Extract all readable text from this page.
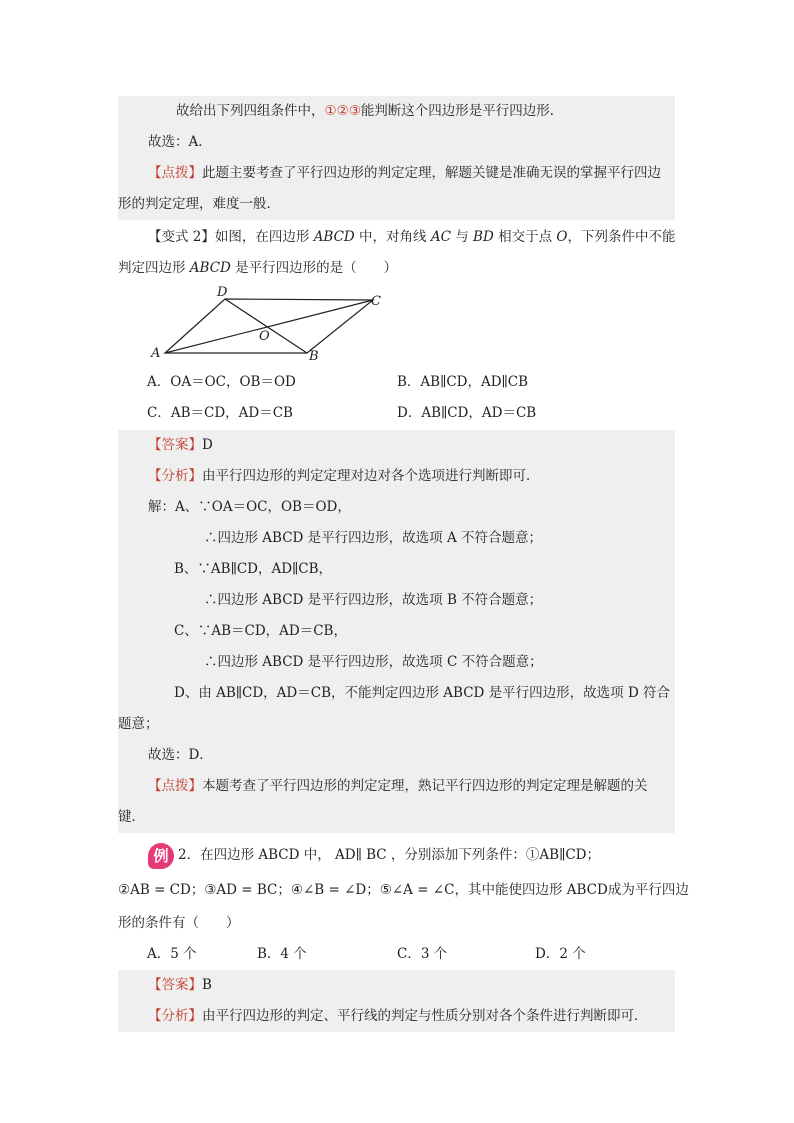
故给出下列四组条件中，①②③能判断这个四边形是平行四边形．
故选：A．
【点拨】此题主要考查了平行四边形的判定定理，解题关键是准确无误的掌握平行四边
形的判定定理，难度一般．
【变式 2】如图，在四边形 ABCD 中，对角线 AC 与 BD 相交于点 O，下列条件中不能
判定四边形 ABCD 是平行四边形的是（　　）
D
C
A	B
O
A．OA＝OC，OB＝OD	B．AB∥CD，AD∥CB
C．AB＝CD，AD＝CB	D．AB∥CD，AD＝CB
【答案】D
【分析】由平行四边形的判定定理对边对各个选项进行判断即可．
解：A、∵OA＝OC，OB＝OD，
∴四边形 ABCD 是平行四边形，故选项 A 不符合题意；
B、∵AB∥CD，AD∥CB，
∴四边形 ABCD 是平行四边形，故选项 B 不符合题意；
C、∵AB＝CD，AD＝CB，
∴四边形 ABCD 是平行四边形，故选项 C 不符合题意；
D、由 AB∥CD，AD＝CB，不能判定四边形 ABCD 是平行四边形，故选项 D 符合
题意；
故选：D．
【点拨】本题考查了平行四边形的判定定理，熟记平行四边形的判定定理是解题的关
键．
例 2．在四边形 ABCD 中， AD∥ BC ，分别添加下列条件：①AB∥CD；
②AB = CD；③AD = BC；④∠B = ∠D；⑤∠A = ∠C，其中能使四边形 ABCD成为平行四边
形的条件有（　　）
A．5 个	B．4 个	C．3 个	D．2 个
【答案】B
【分析】由平行四边形的判定、平行线的判定与性质分别对各个条件进行判断即可．
